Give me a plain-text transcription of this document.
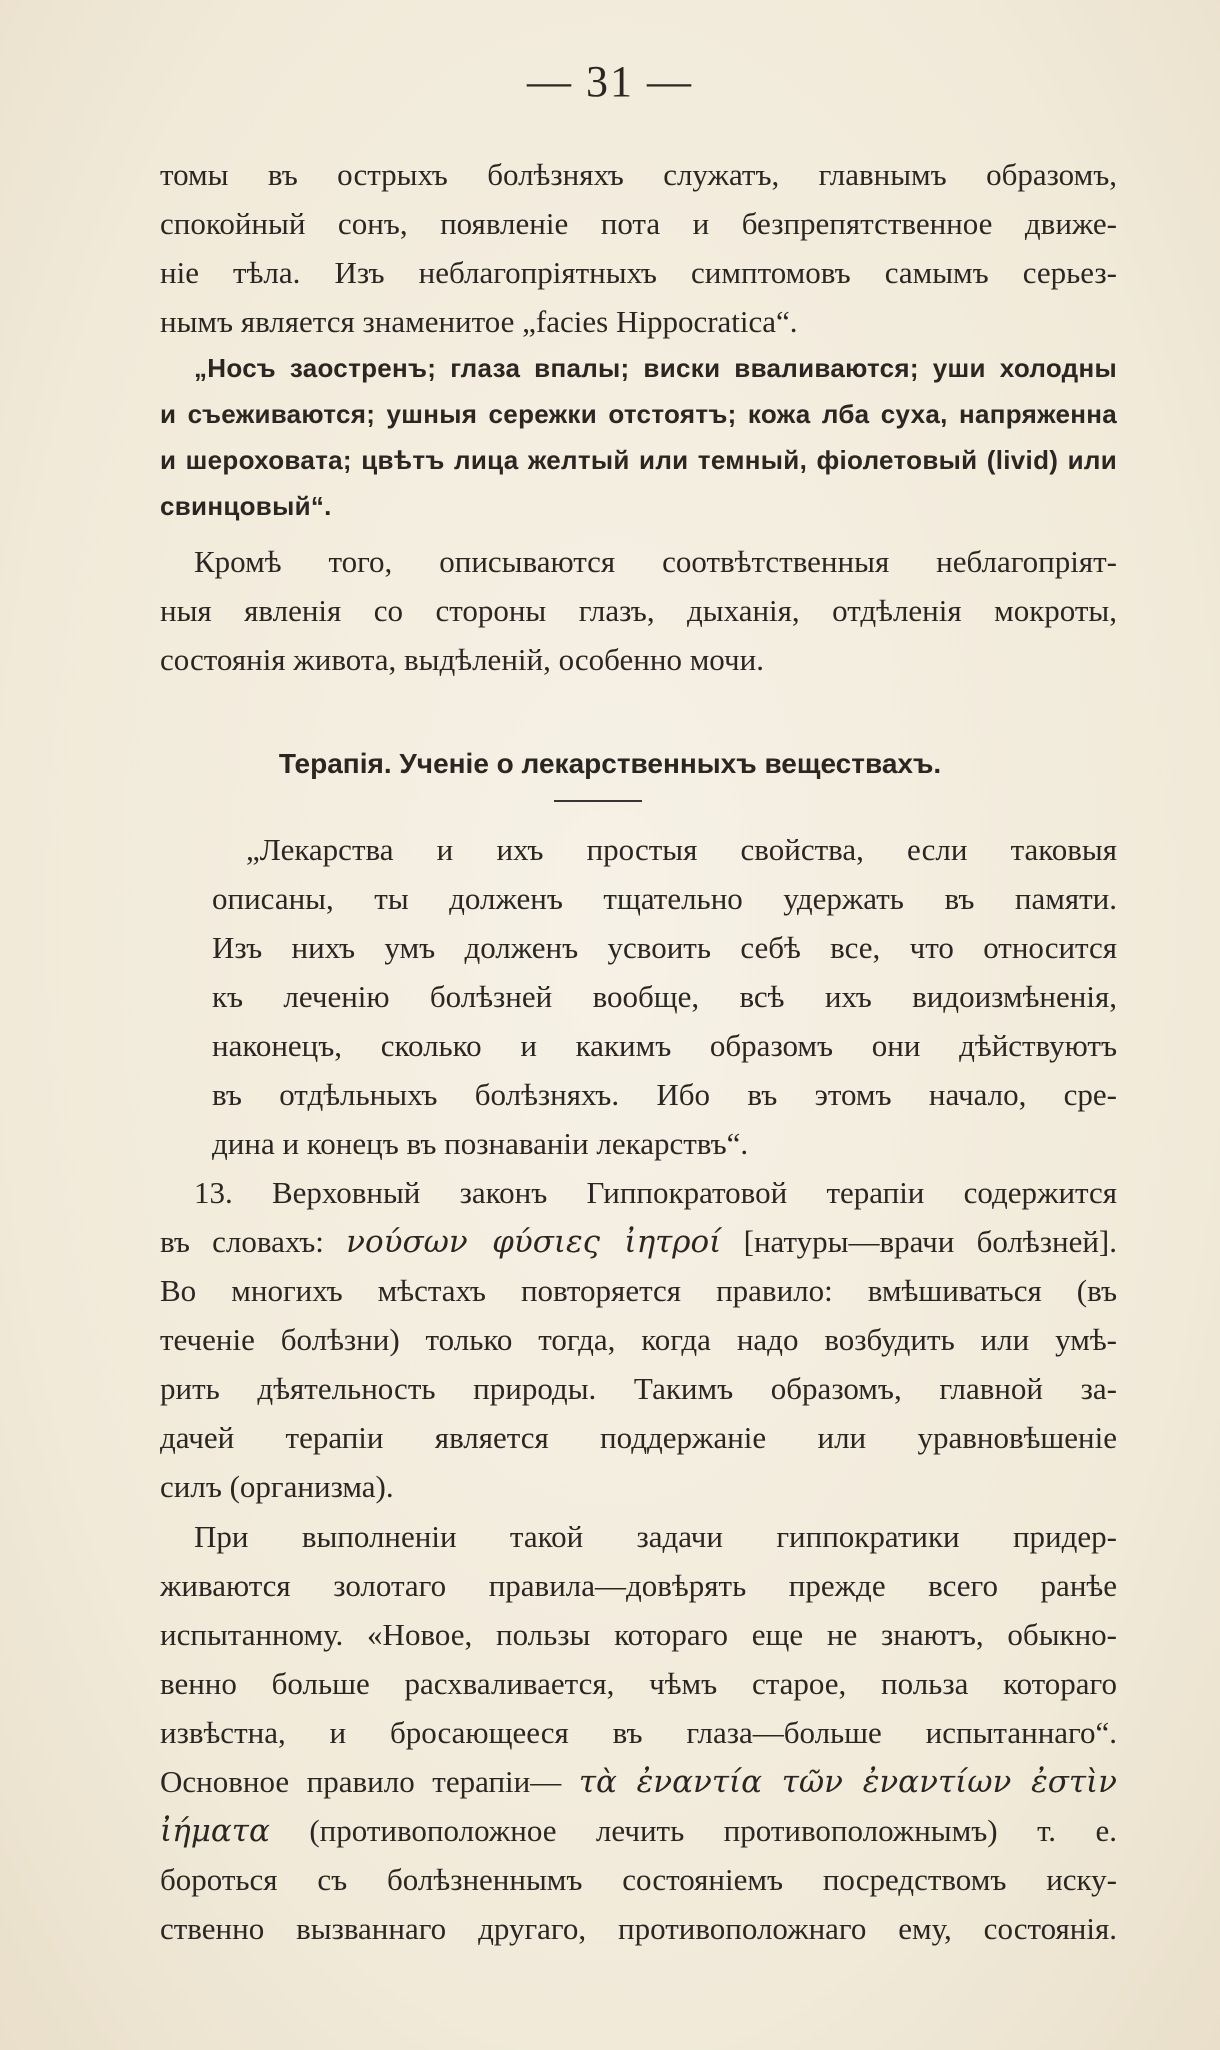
— 31 —
томы въ острыхъ болѣзняхъ служатъ, главнымъ образомъ,
спокойный сонъ, появленіе пота и безпрепятственное движе-
ніе тѣла. Изъ неблагопріятныхъ симптомовъ самымъ серьез-
нымъ является знаменитое „facies Hippocratica“.
„Носъ заостренъ; глаза впалы; виски вваливаются; уши холодны
и съеживаются; ушныя сережки отстоятъ; кожа лба суха, напряженна
и шероховата; цвѣтъ лица желтый или темный, фіолетовый (livid) или
свинцовый“.
Кромѣ того, описываются соотвѣтственныя неблагопріят-
ныя явленія со стороны глазъ, дыханія, отдѣленія мокроты,
состоянія живота, выдѣленій, особенно мочи.
Терапія. Ученіе о лекарственныхъ веществахъ.
„Лекарства и ихъ простыя свойства, если таковыя
описаны, ты долженъ тщательно удержать въ памяти.
Изъ нихъ умъ долженъ усвоить себѣ все, что относится
къ леченію болѣзней вообще, всѣ ихъ видоизмѣненія,
наконецъ, сколько и какимъ образомъ они дѣйствуютъ
въ отдѣльныхъ болѣзняхъ. Ибо въ этомъ начало, сре-
дина и конецъ въ познаваніи лекарствъ“.
13. Верховный законъ Гиппократовой терапіи содержится
въ словахъ: νούσων φύσιες ἰητροί [натуры—врачи болѣзней].
Во многихъ мѣстахъ повторяется правило: вмѣшиваться (въ
теченіе болѣзни) только тогда, когда надо возбудить или умѣ-
рить дѣятельность природы. Такимъ образомъ, главной за-
дачей терапіи является поддержаніе или уравновѣшеніе
силъ (организма).
При выполненіи такой задачи гиппократики придер-
живаются золотаго правила—довѣрять прежде всего ранѣе
испытанному. «Новое, пользы котораго еще не знаютъ, обыкно-
венно больше расхваливается, чѣмъ старое, польза котораго
извѣстна, и бросающееся въ глаза—больше испытаннаго“.
Основное правило терапіи— τὰ ἐναντία τῶν ἐναντίων ἐστὶν
ἰήματα (противоположное лечить противоположнымъ) т. е.
бороться съ болѣзненнымъ состояніемъ посредствомъ иску-
ственно вызваннаго другаго, противоположнаго ему, состоянія.
